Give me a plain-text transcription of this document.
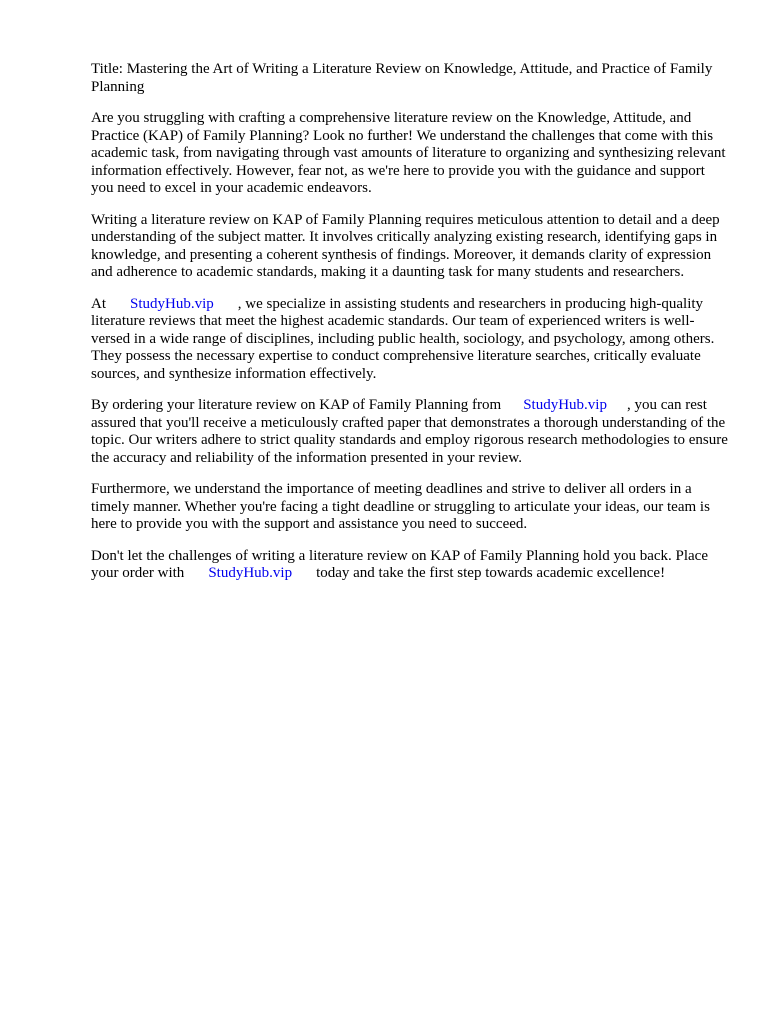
Title: Mastering the Art of Writing a Literature Review on Knowledge, Attitude, and Practice of Family Planning

Are you struggling with crafting a comprehensive literature review on the Knowledge, Attitude, and Practice (KAP) of Family Planning? Look no further! We understand the challenges that come with this academic task, from navigating through vast amounts of literature to organizing and synthesizing relevant information effectively. However, fear not, as we're here to provide you with the guidance and support you need to excel in your academic endeavors.

Writing a literature review on KAP of Family Planning requires meticulous attention to detail and a deep understanding of the subject matter. It involves critically analyzing existing research, identifying gaps in knowledge, and presenting a coherent synthesis of findings. Moreover, it demands clarity of expression and adherence to academic standards, making it a daunting task for many students and researchers.

At StudyHub.vip , we specialize in assisting students and researchers in producing high-quality literature reviews that meet the highest academic standards. Our team of experienced writers is well-versed in a wide range of disciplines, including public health, sociology, and psychology, among others. They possess the necessary expertise to conduct comprehensive literature searches, critically evaluate sources, and synthesize information effectively.

By ordering your literature review on KAP of Family Planning from StudyHub.vip , you can rest assured that you'll receive a meticulously crafted paper that demonstrates a thorough understanding of the topic. Our writers adhere to strict quality standards and employ rigorous research methodologies to ensure the accuracy and reliability of the information presented in your review.

Furthermore, we understand the importance of meeting deadlines and strive to deliver all orders in a timely manner. Whether you're facing a tight deadline or struggling to articulate your ideas, our team is here to provide you with the support and assistance you need to succeed.

Don't let the challenges of writing a literature review on KAP of Family Planning hold you back. Place your order with StudyHub.vip today and take the first step towards academic excellence!
